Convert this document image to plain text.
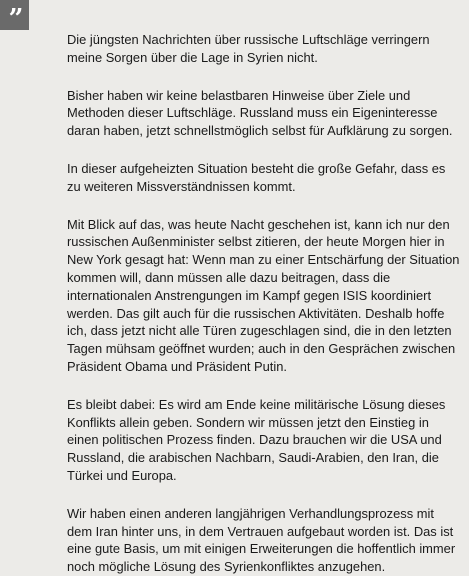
”

Die jüngsten Nachrichten über russische Luftschläge verringern meine Sorgen über die Lage in Syrien nicht.

Bisher haben wir keine belastbaren Hinweise über Ziele und Methoden dieser Luftschläge. Russland muss ein Eigeninteresse daran haben, jetzt schnellstmöglich selbst für Aufklärung zu sorgen.

In dieser aufgeheizten Situation besteht die große Gefahr, dass es zu weiteren Missverständnissen kommt.

Mit Blick auf das, was heute Nacht geschehen ist, kann ich nur den russischen Außenminister selbst zitieren, der heute Morgen hier in New York gesagt hat: Wenn man zu einer Entschärfung der Situation kommen will, dann müssen alle dazu beitragen, dass die internationalen Anstrengungen im Kampf gegen ISIS koordiniert werden. Das gilt auch für die russischen Aktivitäten. Deshalb hoffe ich, dass jetzt nicht alle Türen zugeschlagen sind, die in den letzten Tagen mühsam geöffnet wurden; auch in den Gesprächen zwischen Präsident Obama und Präsident Putin.

Es bleibt dabei: Es wird am Ende keine militärische Lösung dieses Konflikts allein geben. Sondern wir müssen jetzt den Einstieg in einen politischen Prozess finden. Dazu brauchen wir die USA und Russland, die arabischen Nachbarn, Saudi-Arabien, den Iran, die Türkei und Europa.

Wir haben einen anderen langjährigen Verhandlungsprozess mit dem Iran hinter uns, in dem Vertrauen aufgebaut worden ist. Das ist eine gute Basis, um mit einigen Erweiterungen die hoffentlich immer noch mögliche Lösung des Syrienkonfliktes anzugehen.
